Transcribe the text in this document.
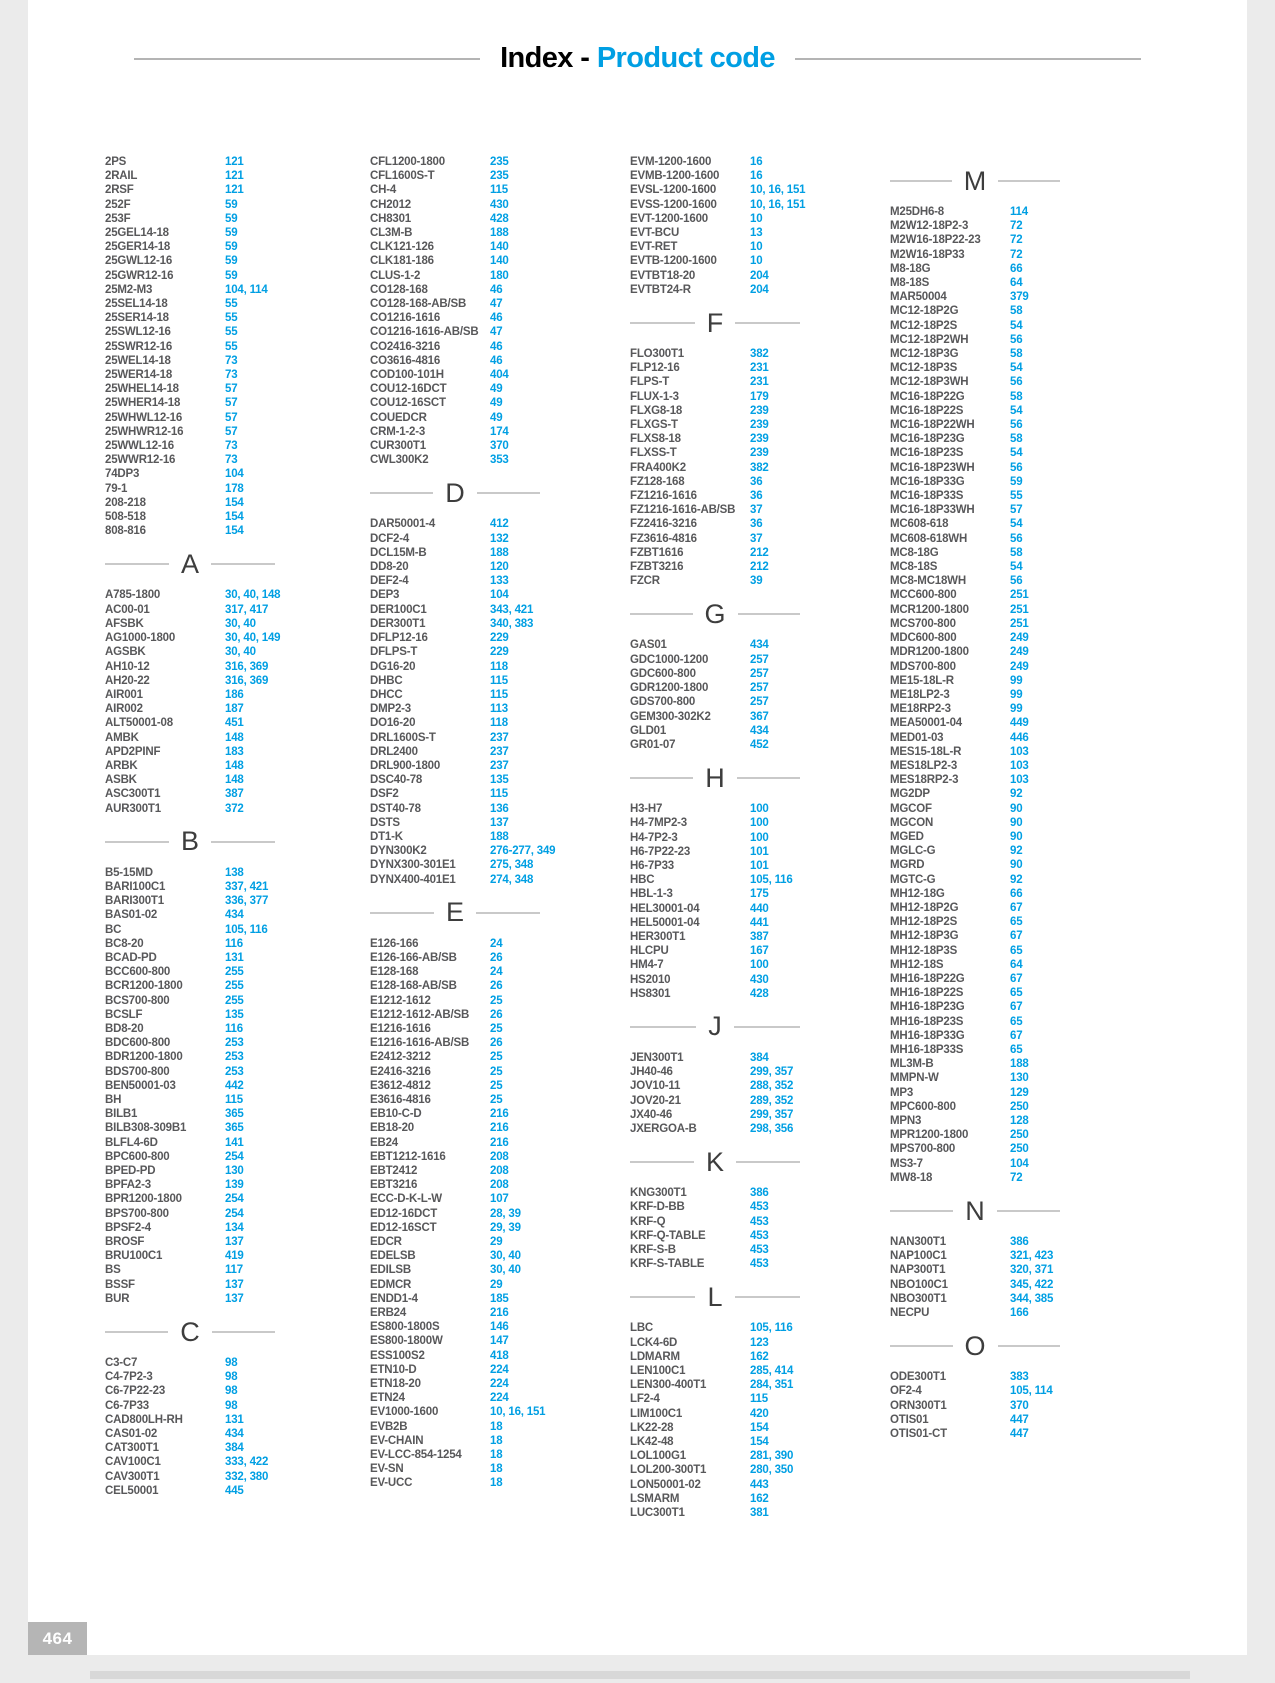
Index - Product code
2PS	121
2RAIL	121
2RSF	121
252F	59
253F	59
25GEL14-18	59
25GER14-18	59
25GWL12-16	59
25GWR12-16	59
25M2-M3	104, 114
25SEL14-18	55
25SER14-18	55
25SWL12-16	55
25SWR12-16	55
25WEL14-18	73
25WER14-18	73
25WHEL14-18	57
25WHER14-18	57
25WHWL12-16	57
25WHWR12-16	57
25WWL12-16	73
25WWR12-16	73
74DP3	104
79-1	178
208-218	154
508-518	154
808-816	154
A
A785-1800	30, 40, 148
AC00-01	317, 417
AFSBK	30, 40
AG1000-1800	30, 40, 149
AGSBK	30, 40
AH10-12	316, 369
AH20-22	316, 369
AIR001	186
AIR002	187
ALT50001-08	451
AMBK	148
APD2PINF	183
ARBK	148
ASBK	148
ASC300T1	387
AUR300T1	372
B
B5-15MD	138
BARI100C1	337, 421
BARI300T1	336, 377
BAS01-02	434
BC	105, 116
BC8-20	116
BCAD-PD	131
BCC600-800	255
BCR1200-1800	255
BCS700-800	255
BCSLF	135
BD8-20	116
BDC600-800	253
BDR1200-1800	253
BDS700-800	253
BEN50001-03	442
BH	115
BILB1	365
BILB308-309B1	365
BLFL4-6D	141
BPC600-800	254
BPED-PD	130
BPFA2-3	139
BPR1200-1800	254
BPS700-800	254
BPSF2-4	134
BROSF	137
BRU100C1	419
BS	117
BSSF	137
BUR	137
C
C3-C7	98
C4-7P2-3	98
C6-7P22-23	98
C6-7P33	98
CAD800LH-RH	131
CAS01-02	434
CAT300T1	384
CAV100C1	333, 422
CAV300T1	332, 380
CEL50001	445
CFL1200-1800	235
CFL1600S-T	235
CH-4	115
CH2012	430
CH8301	428
CL3M-B	188
CLK121-126	140
CLK181-186	140
CLUS-1-2	180
CO128-168	46
CO128-168-AB/SB	47
CO1216-1616	46
CO1216-1616-AB/SB	47
CO2416-3216	46
CO3616-4816	46
COD100-101H	404
COU12-16DCT	49
COU12-16SCT	49
COUEDCR	49
CRM-1-2-3	174
CUR300T1	370
CWL300K2	353
D
DAR50001-4	412
DCF2-4	132
DCL15M-B	188
DD8-20	120
DEF2-4	133
DEP3	104
DER100C1	343, 421
DER300T1	340, 383
DFLP12-16	229
DFLPS-T	229
DG16-20	118
DHBC	115
DHCC	115
DMP2-3	113
DO16-20	118
DRL1600S-T	237
DRL2400	237
DRL900-1800	237
DSC40-78	135
DSF2	115
DST40-78	136
DSTS	137
DT1-K	188
DYN300K2	276-277, 349
DYNX300-301E1	275, 348
DYNX400-401E1	274, 348
E
E126-166	24
E126-166-AB/SB	26
E128-168	24
E128-168-AB/SB	26
E1212-1612	25
E1212-1612-AB/SB	26
E1216-1616	25
E1216-1616-AB/SB	26
E2412-3212	25
E2416-3216	25
E3612-4812	25
E3616-4816	25
EB10-C-D	216
EB18-20	216
EB24	216
EBT1212-1616	208
EBT2412	208
EBT3216	208
ECC-D-K-L-W	107
ED12-16DCT	28, 39
ED12-16SCT	29, 39
EDCR	29
EDELSB	30, 40
EDILSB	30, 40
EDMCR	29
ENDD1-4	185
ERB24	216
ES800-1800S	146
ES800-1800W	147
ESS100S2	418
ETN10-D	224
ETN18-20	224
ETN24	224
EV1000-1600	10, 16, 151
EVB2B	18
EV-CHAIN	18
EV-LCC-854-1254	18
EV-SN	18
EV-UCC	18
EVM-1200-1600	16
EVMB-1200-1600	16
EVSL-1200-1600	10, 16, 151
EVSS-1200-1600	10, 16, 151
EVT-1200-1600	10
EVT-BCU	13
EVT-RET	10
EVTB-1200-1600	10
EVTBT18-20	204
EVTBT24-R	204
F
FLO300T1	382
FLP12-16	231
FLPS-T	231
FLUX-1-3	179
FLXG8-18	239
FLXGS-T	239
FLXS8-18	239
FLXSS-T	239
FRA400K2	382
FZ128-168	36
FZ1216-1616	36
FZ1216-1616-AB/SB	37
FZ2416-3216	36
FZ3616-4816	37
FZBT1616	212
FZBT3216	212
FZCR	39
G
GAS01	434
GDC1000-1200	257
GDC600-800	257
GDR1200-1800	257
GDS700-800	257
GEM300-302K2	367
GLD01	434
GR01-07	452
H
H3-H7	100
H4-7MP2-3	100
H4-7P2-3	100
H6-7P22-23	101
H6-7P33	101
HBC	105, 116
HBL-1-3	175
HEL30001-04	440
HEL50001-04	441
HER300T1	387
HLCPU	167
HM4-7	100
HS2010	430
HS8301	428
J
JEN300T1	384
JH40-46	299, 357
JOV10-11	288, 352
JOV20-21	289, 352
JX40-46	299, 357
JXERGOA-B	298, 356
K
KNG300T1	386
KRF-D-BB	453
KRF-Q	453
KRF-Q-TABLE	453
KRF-S-B	453
KRF-S-TABLE	453
L
LBC	105, 116
LCK4-6D	123
LDMARM	162
LEN100C1	285, 414
LEN300-400T1	284, 351
LF2-4	115
LIM100C1	420
LK22-28	154
LK42-48	154
LOL100G1	281, 390
LOL200-300T1	280, 350
LON50001-02	443
LSMARM	162
LUC300T1	381
M
M25DH6-8	114
M2W12-18P2-3	72
M2W16-18P22-23	72
M2W16-18P33	72
M8-18G	66
M8-18S	64
MAR50004	379
MC12-18P2G	58
MC12-18P2S	54
MC12-18P2WH	56
MC12-18P3G	58
MC12-18P3S	54
MC12-18P3WH	56
MC16-18P22G	58
MC16-18P22S	54
MC16-18P22WH	56
MC16-18P23G	58
MC16-18P23S	54
MC16-18P23WH	56
MC16-18P33G	59
MC16-18P33S	55
MC16-18P33WH	57
MC608-618	54
MC608-618WH	56
MC8-18G	58
MC8-18S	54
MC8-MC18WH	56
MCC600-800	251
MCR1200-1800	251
MCS700-800	251
MDC600-800	249
MDR1200-1800	249
MDS700-800	249
ME15-18L-R	99
ME18LP2-3	99
ME18RP2-3	99
MEA50001-04	449
MED01-03	446
MES15-18L-R	103
MES18LP2-3	103
MES18RP2-3	103
MG2DP	92
MGCOF	90
MGCON	90
MGED	90
MGLC-G	92
MGRD	90
MGTC-G	92
MH12-18G	66
MH12-18P2G	67
MH12-18P2S	65
MH12-18P3G	67
MH12-18P3S	65
MH12-18S	64
MH16-18P22G	67
MH16-18P22S	65
MH16-18P23G	67
MH16-18P23S	65
MH16-18P33G	67
MH16-18P33S	65
ML3M-B	188
MMPN-W	130
MP3	129
MPC600-800	250
MPN3	128
MPR1200-1800	250
MPS700-800	250
MS3-7	104
MW8-18	72
N
NAN300T1	386
NAP100C1	321, 423
NAP300T1	320, 371
NBO100C1	345, 422
NBO300T1	344, 385
NECPU	166
O
ODE300T1	383
OF2-4	105, 114
ORN300T1	370
OTIS01	447
OTIS01-CT	447
464
